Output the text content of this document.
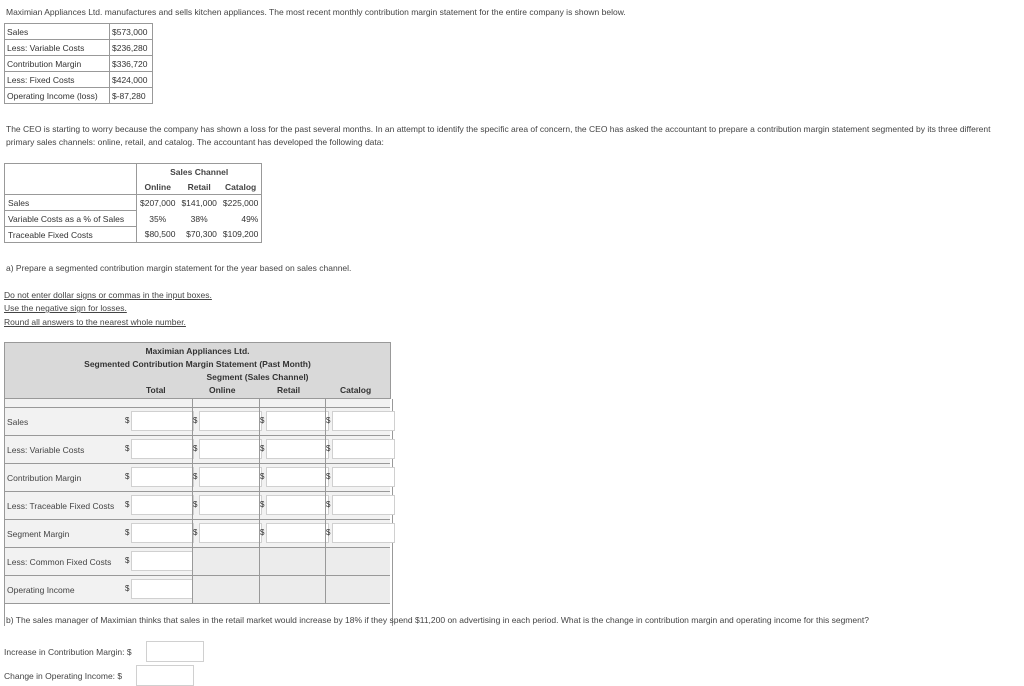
Maximian Appliances Ltd. manufactures and sells kitchen appliances. The most recent monthly contribution margin statement for the entire company is shown below.
Sales	$573,000
Less: Variable Costs	$236,280
Contribution Margin	$336,720
Less: Fixed Costs	$424,000
Operating Income (loss)	$-87,280
The CEO is starting to worry because the company has shown a loss for the past several months. In an attempt to identify the specific area of concern, the CEO has asked the accountant to prepare a contribution margin statement segmented by its three different primary sales channels: online, retail, and catalog. The accountant has developed the following data:
	Sales Channel		
	Online	Retail	Catalog
Sales	$207,000	$141,000	$225,000
Variable Costs as a % of Sales	35%	38%	49%
Traceable Fixed Costs	$80,500	$70,300	$109,200
a) Prepare a segmented contribution margin statement for the year based on sales channel.
Do not enter dollar signs or commas in the input boxes.
Use the negative sign for losses.
Round all answers to the nearest whole number.
Maximian Appliances Ltd.
Segmented Contribution Margin Statement (Past Month)
Segment (Sales Channel)
Total	Online	Retail	Catalog
Sales	$	$	$	$
Less: Variable Costs	$	$	$	$
Contribution Margin	$	$	$	$
Less: Traceable Fixed Costs $	$	$	$
Segment Margin	$	$	$	$
Less: Common Fixed Costs $
Operating Income	$
b) The sales manager of Maximian thinks that sales in the retail market would increase by 18% if they spend $11,200 on advertising in each period. What is the change in contribution margin and operating income for this segment?
Increase in Contribution Margin: $
Change in Operating Income: $
